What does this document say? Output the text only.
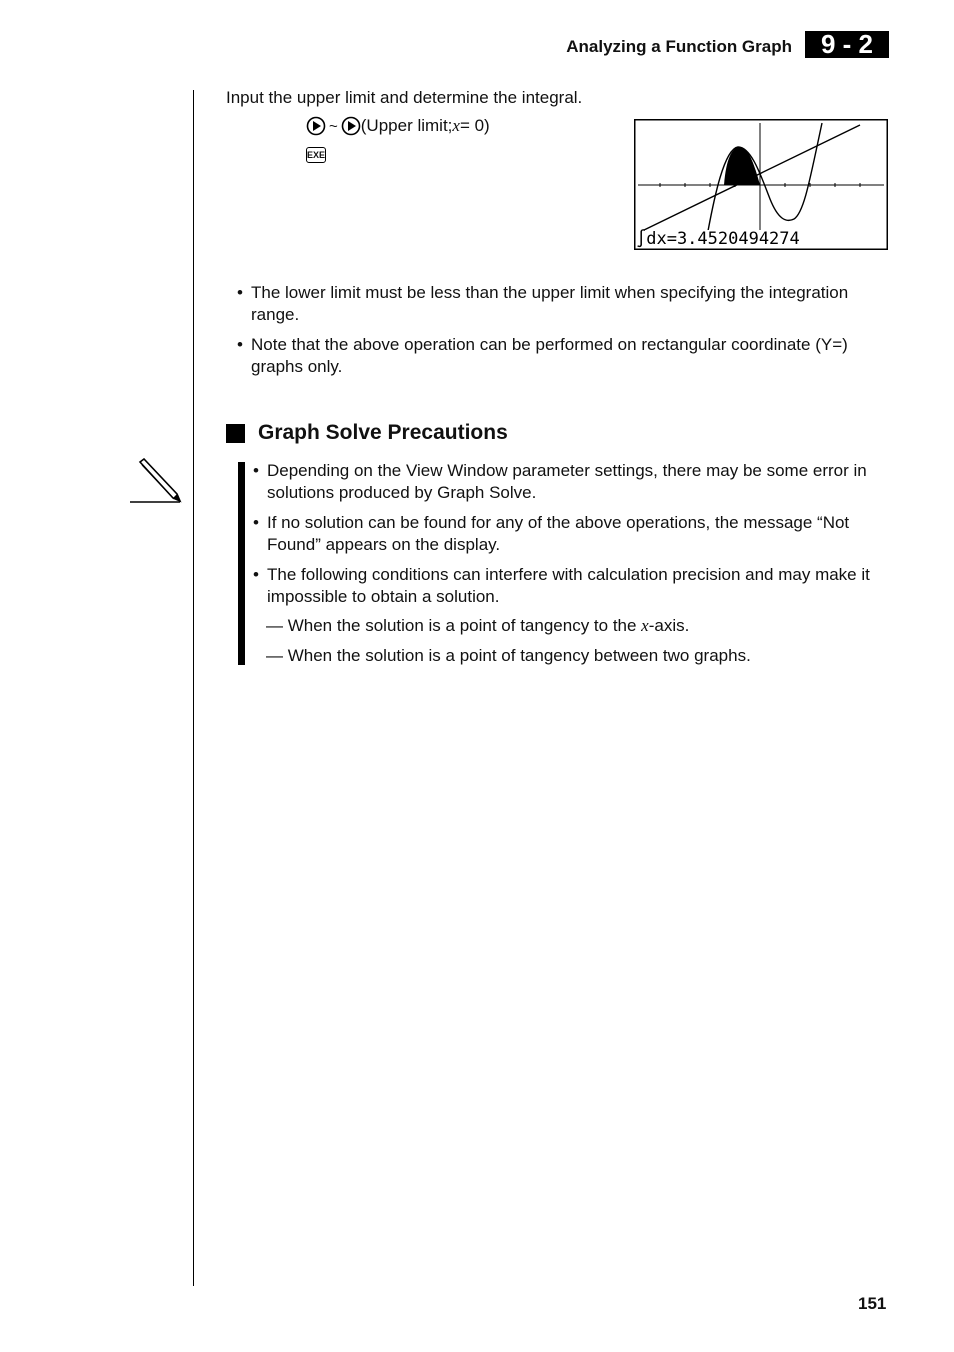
Analyzing a Function Graph	9 - 2
Input the upper limit and determine the integral.
~ (Upper limit; x = 0)
EXE
∫dx=3.4520494274
• The lower limit must be less than the upper limit when specifying the integration range.
• Note that the above operation can be performed on rectangular coordinate (Y=) graphs only.
Graph Solve Precautions
• Depending on the View Window parameter settings, there may be some error in solutions produced by Graph Solve.
• If no solution can be found for any of the above operations, the message “Not Found” appears on the display.
• The following conditions can interfere with calculation precision and may make it impossible to obtain a solution.
— When the solution is a point of tangency to the x-axis.
— When the solution is a point of tangency between two graphs.
151
